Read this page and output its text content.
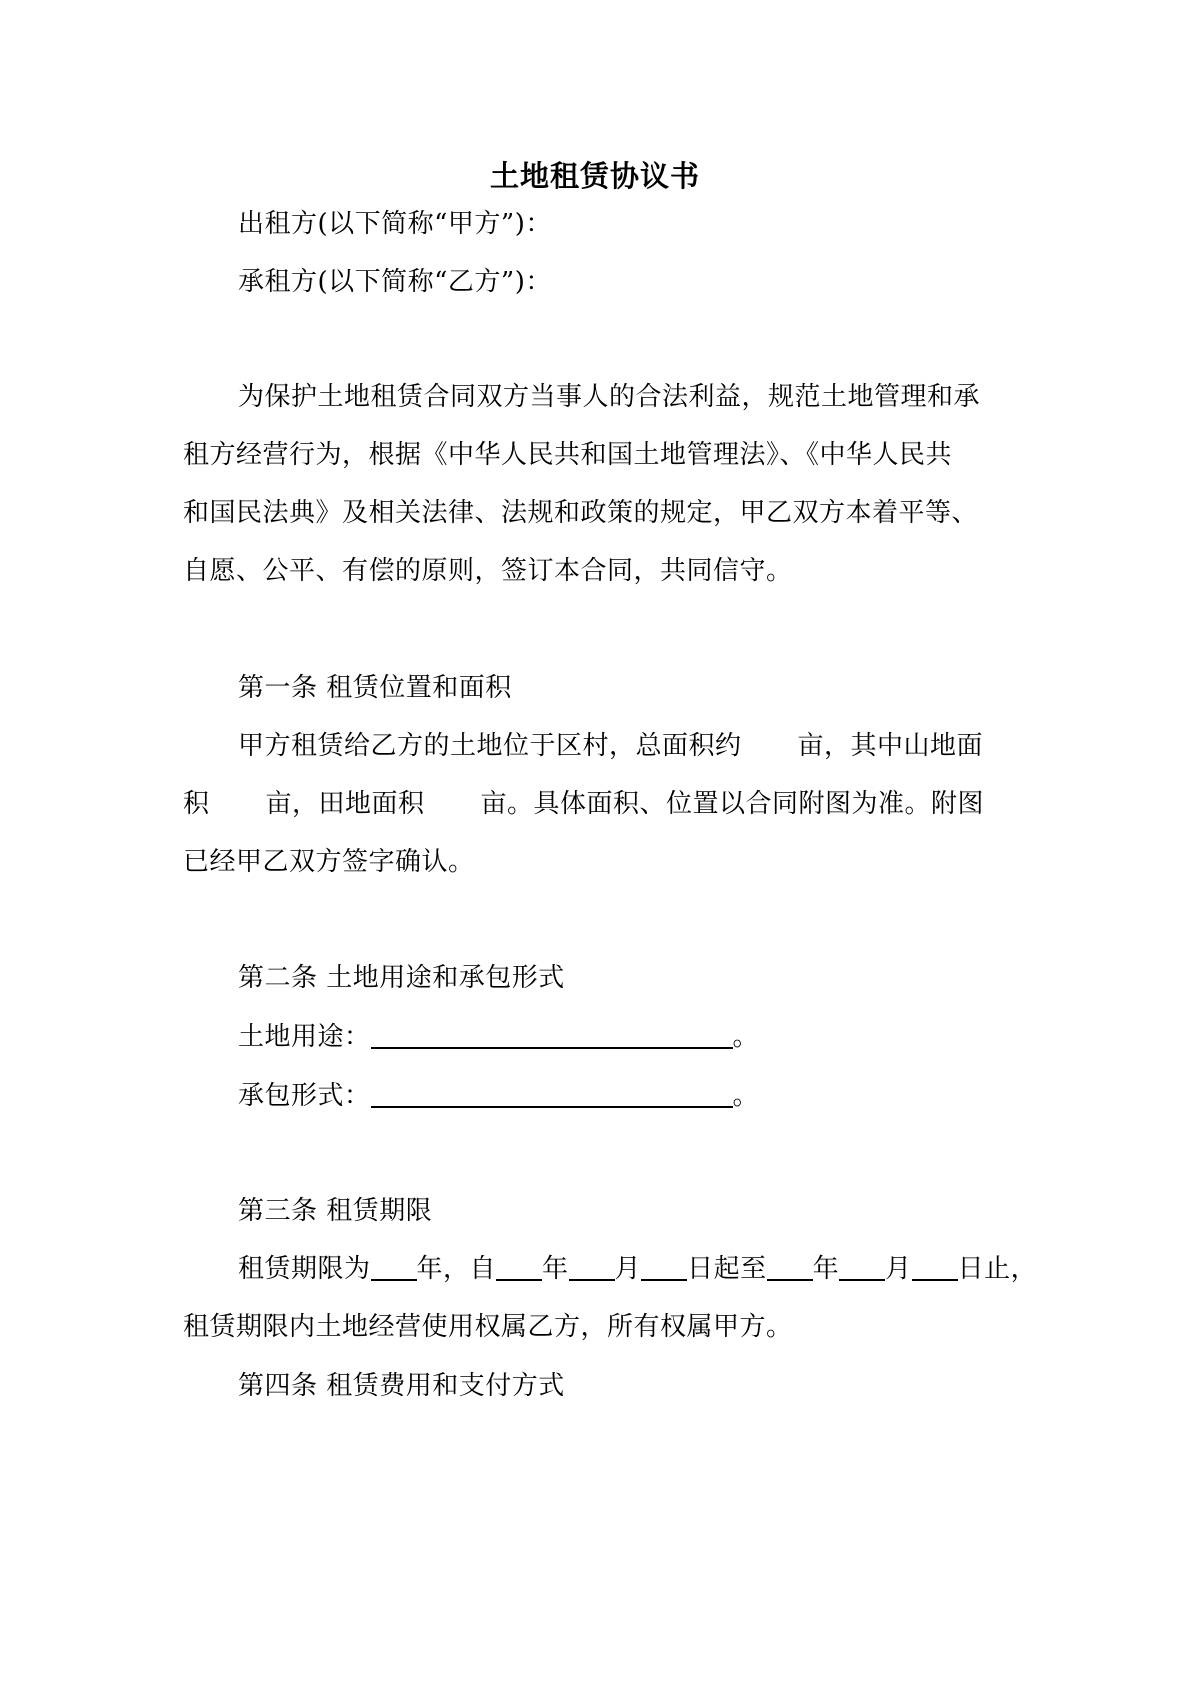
土地租赁协议书
出租方(以下简称“甲方”)：
承租方(以下简称“乙方”)：
为保护土地租赁合同双方当事人的合法利益，规范土地管理和承
租方经营行为，根据《中华人民共和国土地管理法》、《中华人民共
和国民法典》及相关法律、法规和政策的规定，甲乙双方本着平等、
自愿、公平、有偿的原则，签订本合同，共同信守。
第一条 租赁位置和面积
甲方租赁给乙方的土地位于区村，总面积约 亩，其中山地面
积 亩，田地面积 亩。具体面积、位置以合同附图为准。附图
已经甲乙双方签字确认。
第二条 土地用途和承包形式
土地用途：	。
承包形式：	。
第三条 租赁期限
租赁期限为 年，自 年 月 日起至 年 月 日止，
租赁期限内土地经营使用权属乙方，所有权属甲方。
第四条 租赁费用和支付方式
